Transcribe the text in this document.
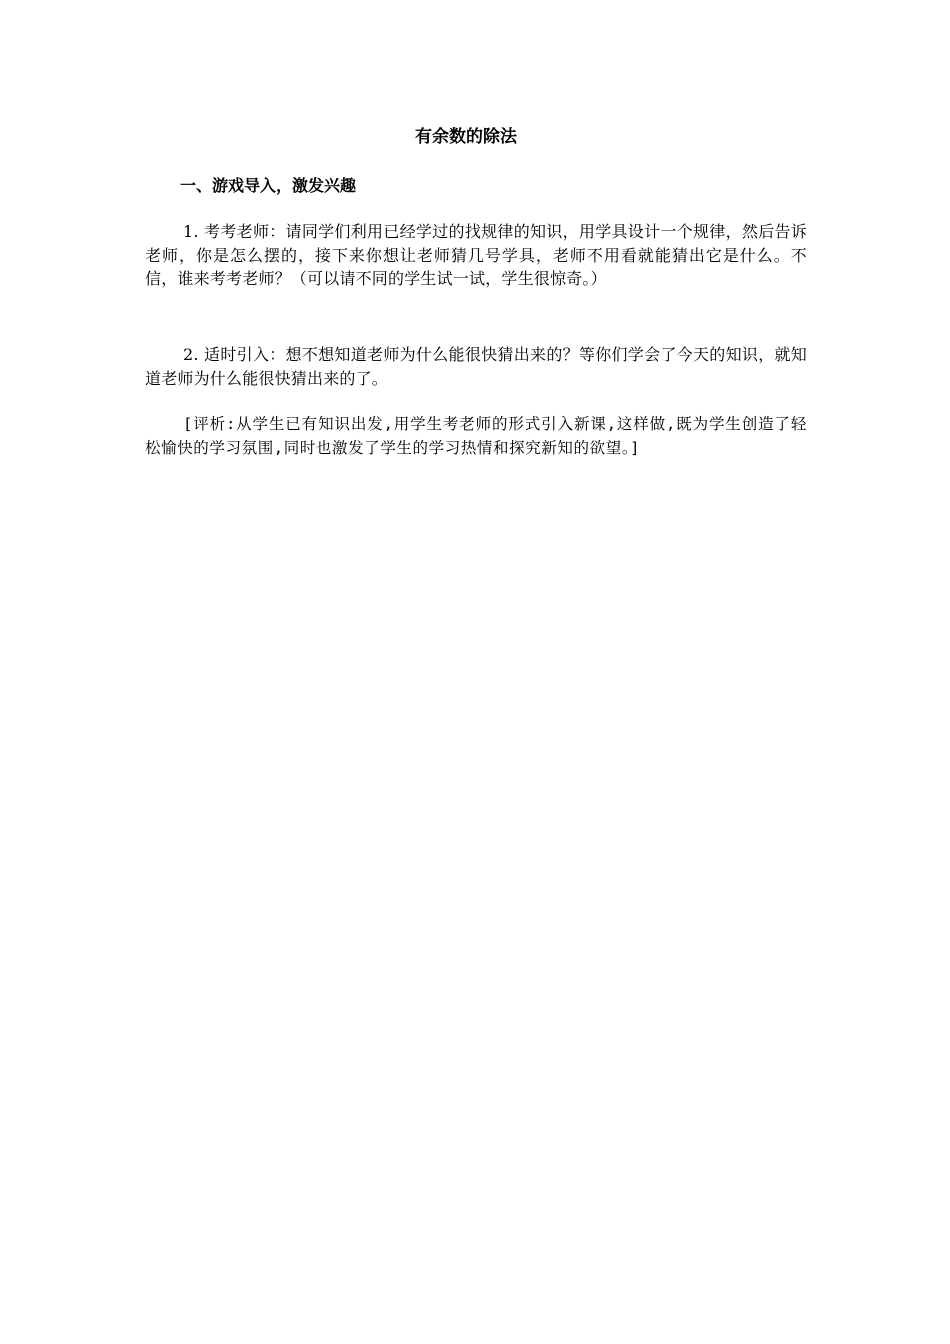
有余数的除法
一、游戏导入，激发兴趣

1. 考考老师：请同学们利用已经学过的找规律的知识，用学具设计一个规律，然后告诉老师，你是怎么摆的，接下来你想让老师猜几号学具，老师不用看就能猜出它是什么。不信，谁来考考老师？（可以请不同的学生试一试，学生很惊奇。）

2. 适时引入：想不想知道老师为什么能很快猜出来的？等你们学会了今天的知识，就知道老师为什么能很快猜出来的了。

[评析:从学生已有知识出发,用学生考老师的形式引入新课,这样做,既为学生创造了轻松愉快的学习氛围,同时也激发了学生的学习热情和探究新知的欲望。]
